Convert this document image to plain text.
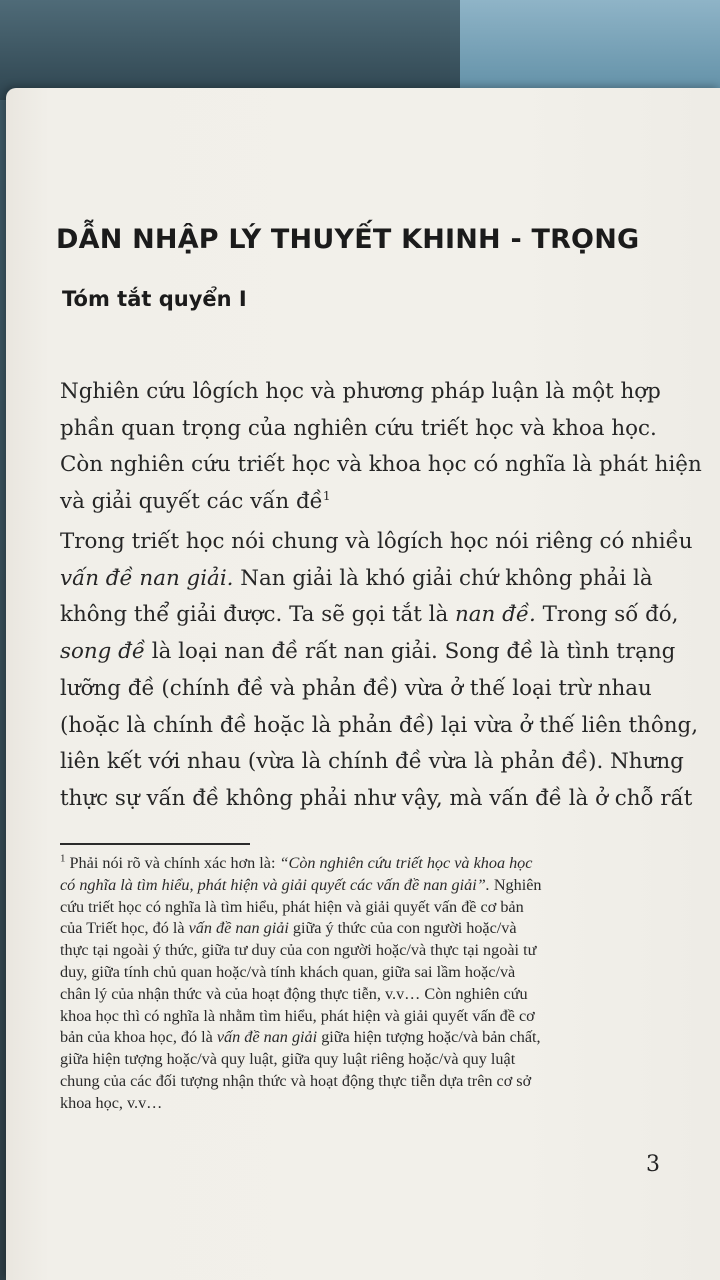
DẪN NHẬP LÝ THUYẾT KHINH - TRỌNG
Tóm tắt quyển I

Nghiên cứu lôgích học và phương pháp luận là một hợp
phần quan trọng của nghiên cứu triết học và khoa học.
Còn nghiên cứu triết học và khoa học có nghĩa là phát hiện
và giải quyết các vấn đề$^1$

Trong triết học nói chung và lôgích học nói riêng có nhiều
vấn đề nan giải. Nan giải là khó giải chứ không phải là
không thể giải được. Ta sẽ gọi tắt là nan đề. Trong số đó,
song đề là loại nan đề rất nan giải. Song đề là tình trạng
lưỡng đề (chính đề và phản đề) vừa ở thế loại trừ nhau
(hoặc là chính đề hoặc là phản đề) lại vừa ở thế liên thông,
liên kết với nhau (vừa là chính đề vừa là phản đề). Nhưng
thực sự vấn đề không phải như vậy, mà vấn đề là ở chỗ rất

$^1$ Phải nói rõ và chính xác hơn là: “Còn nghiên cứu triết học và khoa học
có nghĩa là tìm hiểu, phát hiện và giải quyết các vấn đề nan giải”. Nghiên
cứu triết học có nghĩa là tìm hiểu, phát hiện và giải quyết vấn đề cơ bản
của Triết học, đó là vấn đề nan giải giữa ý thức của con người hoặc/và
thực tại ngoài ý thức, giữa tư duy của con người hoặc/và thực tại ngoài tư
duy, giữa tính chủ quan hoặc/và tính khách quan, giữa sai lầm hoặc/và
chân lý của nhận thức và của hoạt động thực tiễn, v.v… Còn nghiên cứu
khoa học thì có nghĩa là nhằm tìm hiểu, phát hiện và giải quyết vấn đề cơ
bản của khoa học, đó là vấn đề nan giải giữa hiện tượng hoặc/và bản chất,
giữa hiện tượng hoặc/và quy luật, giữa quy luật riêng hoặc/và quy luật
chung của các đối tượng nhận thức và hoạt động thực tiễn dựa trên cơ sở
khoa học, v.v…

3
